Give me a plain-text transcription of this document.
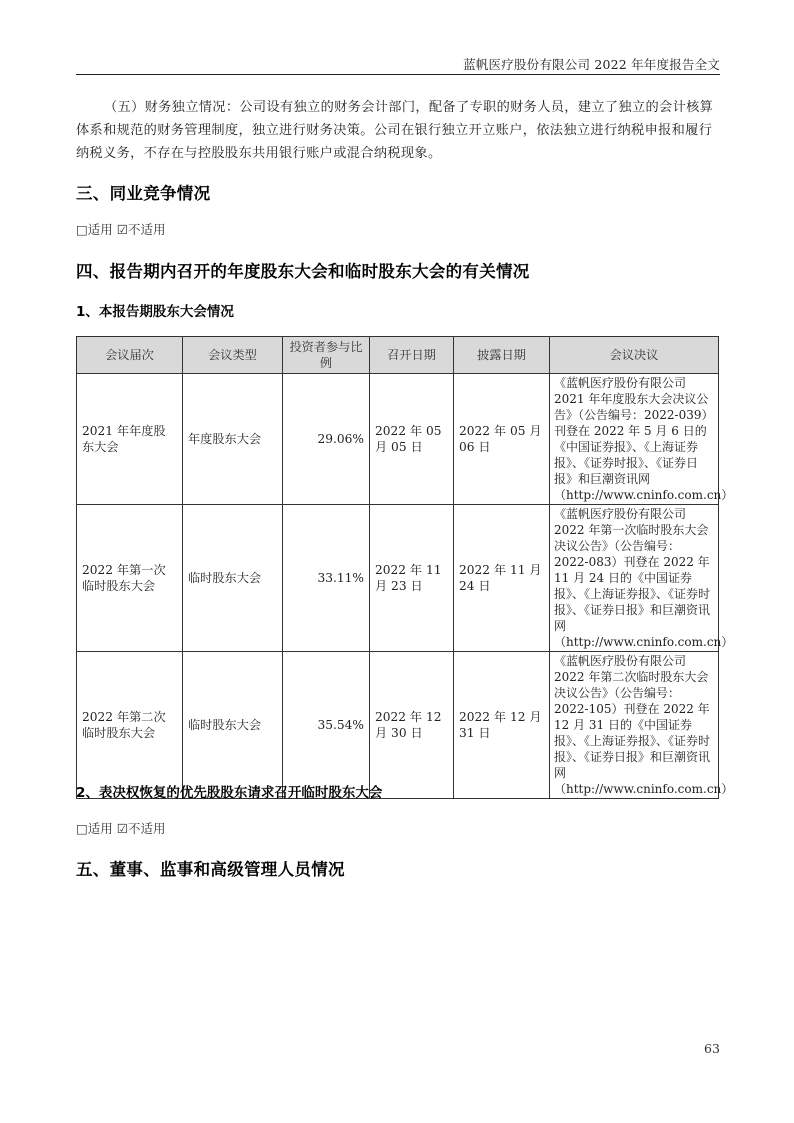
蓝帆医疗股份有限公司 2022 年年度报告全文
（五）财务独立情况：公司设有独立的财务会计部门，配备了专职的财务人员，建立了独立的会计核算体系和规范的财务管理制度，独立进行财务决策。公司在银行独立开立账户，依法独立进行纳税申报和履行纳税义务，不存在与控股股东共用银行账户或混合纳税现象。
三、同业竞争情况
□适用 ☑不适用
四、报告期内召开的年度股东大会和临时股东大会的有关情况
1、本报告期股东大会情况
会议届次	会议类型	投资者参与比例	召开日期	披露日期	会议决议
2021 年年度股东大会	年度股东大会	29.06%	2022 年 05 月 05 日	2022 年 05 月 06 日	《蓝帆医疗股份有限公司 2021 年年度股东大会决议公告》（公告编号：2022-039）刊登在 2022 年 5 月 6 日的《中国证券报》、《上海证券报》、《证券时报》、《证券日报》和巨潮资讯网（http://www.cninfo.com.cn）
2022 年第一次临时股东大会	临时股东大会	33.11%	2022 年 11 月 23 日	2022 年 11 月 24 日	《蓝帆医疗股份有限公司 2022 年第一次临时股东大会决议公告》（公告编号：2022-083）刊登在 2022 年 11 月 24 日的《中国证券报》、《上海证券报》、《证券时报》、《证券日报》和巨潮资讯网（http://www.cninfo.com.cn）
2022 年第二次临时股东大会	临时股东大会	35.54%	2022 年 12 月 30 日	2022 年 12 月 31 日	《蓝帆医疗股份有限公司 2022 年第二次临时股东大会决议公告》（公告编号：2022-105）刊登在 2022 年 12 月 31 日的《中国证券报》、《上海证券报》、《证券时报》、《证券日报》和巨潮资讯网（http://www.cninfo.com.cn）
2、表决权恢复的优先股股东请求召开临时股东大会
□适用 ☑不适用
五、董事、监事和高级管理人员情况
63
